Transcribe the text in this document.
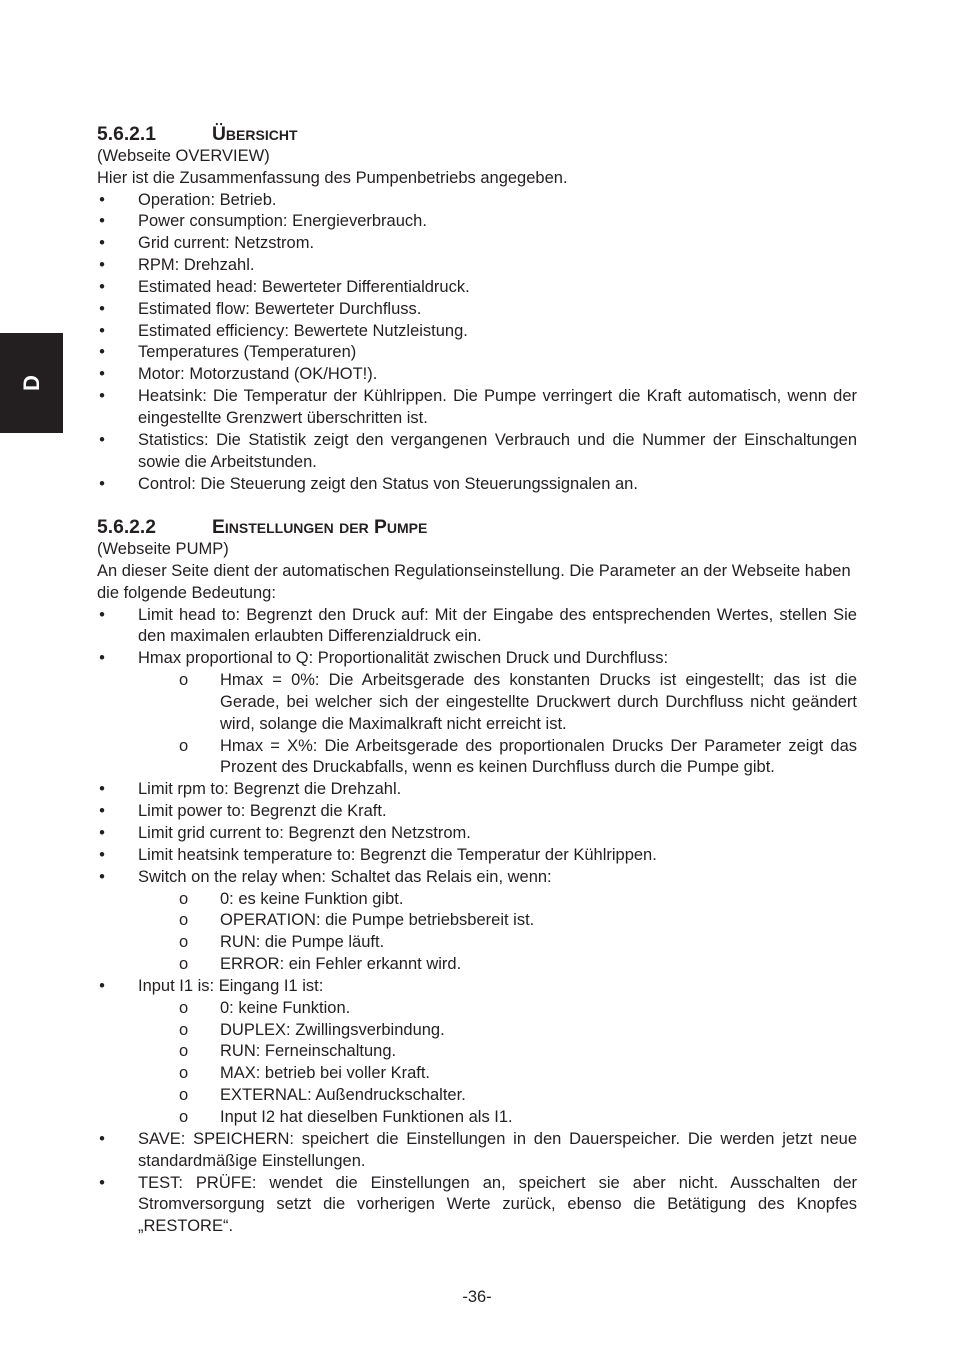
D
5.6.2.1	Übersicht

(Webseite OVERVIEW)

Hier ist die Zusammenfassung des Pumpenbetriebs angegeben.

• Operation: Betrieb.
• Power consumption: Energieverbrauch.
• Grid current: Netzstrom.
• RPM: Drehzahl.
• Estimated head: Bewerteter Differentialdruck.
• Estimated flow: Bewerteter Durchfluss.
• Estimated efficiency: Bewertete Nutzleistung.
• Temperatures (Temperaturen)
• Motor: Motorzustand (OK/HOT!).
• Heatsink: Die Temperatur der Kühlrippen. Die Pumpe verringert die Kraft automatisch, wenn der eingestellte Grenzwert überschritten ist.
• Statistics: Die Statistik zeigt den vergangenen Verbrauch und die Nummer der Einschaltungen sowie die Arbeitstunden.
• Control: Die Steuerung zeigt den Status von Steuerungssignalen an.
5.6.2.2	Einstellungen der Pumpe

(Webseite PUMP)

An dieser Seite dient der automatischen Regulationseinstellung. Die Parameter an der Webseite haben die folgende Bedeutung:

• Limit head to: Begrenzt den Druck auf: Mit der Eingabe des entsprechenden Wertes, stellen Sie den maximalen erlaubten Differenzialdruck ein.
• Hmax proportional to Q: Proportionalität zwischen Druck und Durchfluss:
o Hmax = 0%: Die Arbeitsgerade des konstanten Drucks ist eingestellt; das ist die Gerade, bei welcher sich der eingestellte Druckwert durch Durchfluss nicht geändert wird, solange die Maximalkraft nicht erreicht ist.
o Hmax = X%: Die Arbeitsgerade des proportionalen Drucks Der Parameter zeigt das Prozent des Druckabfalls, wenn es keinen Durchfluss durch die Pumpe gibt.
• Limit rpm to: Begrenzt die Drehzahl.
• Limit power to: Begrenzt die Kraft.
• Limit grid current to: Begrenzt den Netzstrom.
• Limit heatsink temperature to: Begrenzt die Temperatur der Kühlrippen.
• Switch on the relay when: Schaltet das Relais ein, wenn:
o 0: es keine Funktion gibt.
o OPERATION: die Pumpe betriebsbereit ist.
o RUN: die Pumpe läuft.
o ERROR: ein Fehler erkannt wird.
• Input I1 is: Eingang I1 ist:
o 0: keine Funktion.
o DUPLEX: Zwillingsverbindung.
o RUN: Ferneinschaltung.
o MAX: betrieb bei voller Kraft.
o EXTERNAL: Außendruckschalter.
o Input I2 hat dieselben Funktionen als I1.
• SAVE: SPEICHERN: speichert die Einstellungen in den Dauerspeicher. Die werden jetzt neue standardmäßige Einstellungen.
• TEST: PRÜFE: wendet die Einstellungen an, speichert sie aber nicht. Ausschalten der Stromversorgung setzt die vorherigen Werte zurück, ebenso die Betätigung des Knopfes „RESTORE“.
-36-
